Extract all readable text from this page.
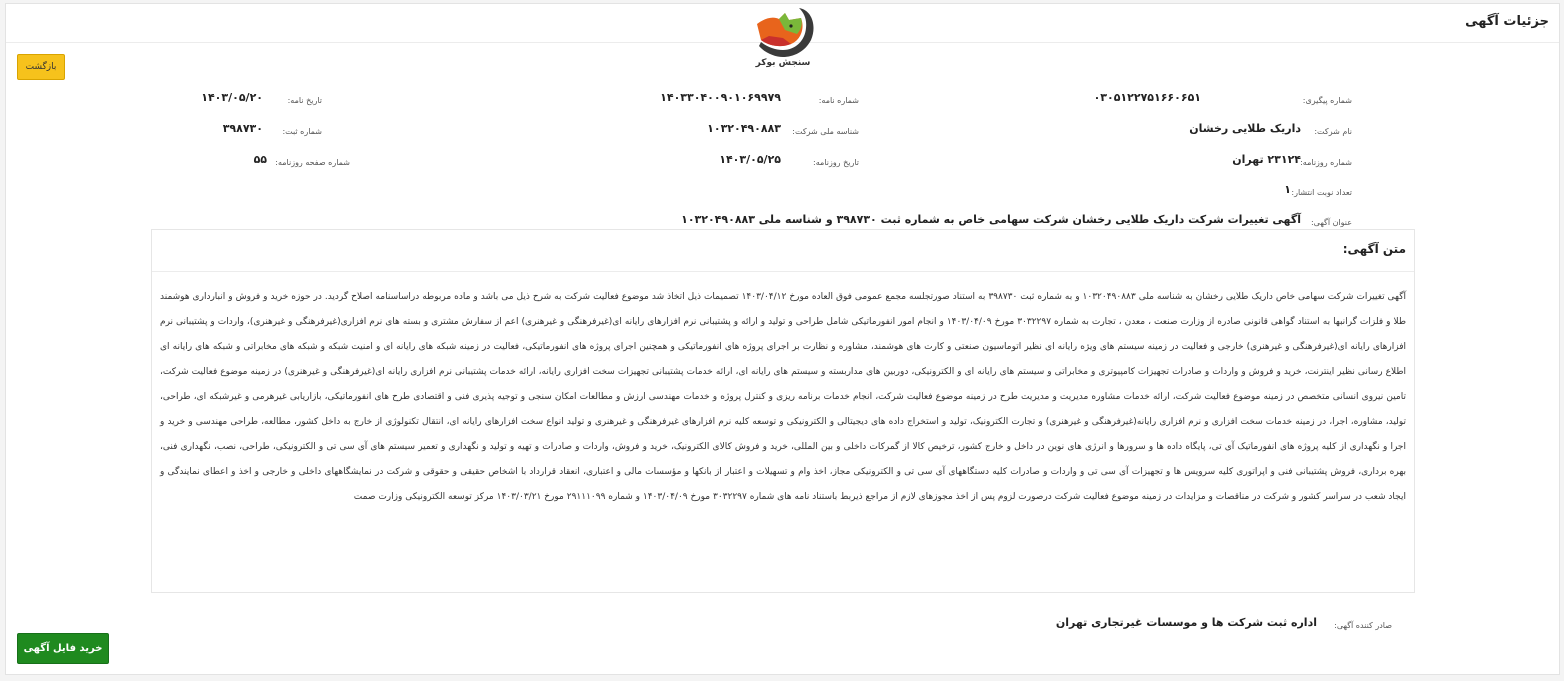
جزئیات آگهی
سنجش بوکر
بازگشت
شماره پیگیری:
۰۳۰۵۱۲۲۷۵۱۶۶۰۶۵۱
شماره نامه:
۱۴۰۳۳۰۴۰۰۹۰۱۰۶۹۹۷۹
تاریخ نامه:
۱۴۰۳/۰۵/۲۰
نام شرکت:
داریک طلایی رخشان
شناسه ملی شرکت:
۱۰۳۲۰۴۹۰۸۸۳
شماره ثبت:
۳۹۸۷۳۰
شماره روزنامه:
۲۳۱۲۴ تهران
تاریخ روزنامه:
۱۴۰۳/۰۵/۲۵
شماره صفحه روزنامه:
۵۵
تعداد نوبت انتشار:
۱
عنوان آگهی:
آگهی تغییرات شرکت داریک طلایی رخشان شرکت سهامی خاص به شماره ثبت ۳۹۸۷۳۰ و شناسه ملی ۱۰۳۲۰۴۹۰۸۸۳
متن آگهی:
آگهی تغییرات شرکت سهامی خاص داریک طلایی رخشان به شناسه ملی ۱۰۳۲۰۴۹۰۸۸۳ و به شماره ثبت ۳۹۸۷۳۰ به استناد صورتجلسه مجمع عمومی فوق العاده مورخ ۱۴۰۳/۰۴/۱۲ تصمیمات ذیل اتخاذ شد موضوع فعالیت شرکت به شرح ذیل می باشد و ماده مربوطه دراساسنامه اصلاح گردید. در حوزه خرید و فروش و انبارداری هوشمند طلا و فلزات گرانبها به استناد گواهی قانونی صادره از وزارت صنعت ، معدن ، تجارت به شماره ۳۰۳۲۲۹۷ مورخ ۱۴۰۳/۰۴/۰۹ و انجام امور انفورماتیکی شامل طراحی و تولید و ارائه و پشتیبانی نرم افزارهای رایانه ای(غیرفرهنگی و غیرهنری) اعم از سفارش مشتری و بسته های نرم افزاری(غیرفرهنگی و غیرهنری)، واردات و پشتیبانی نرم افزارهای رایانه ای(غیرفرهنگی و غیرهنری) خارجی و فعالیت در زمینه سیستم های ویژه رایانه ای نظیر اتوماسیون صنعتی و کارت های هوشمند، مشاوره و نظارت بر اجرای پروژه های انفورماتیکی و همچنین اجرای پروژه های انفورماتیکی، فعالیت در زمینه شبکه های رایانه ای و امنیت شبکه و شبکه های مخابراتی و شبکه های رایانه ای اطلاع رسانی نظیر اینترنت، خرید و فروش و واردات و صادرات تجهیزات کامپیوتری و مخابراتی و سیستم های رایانه ای و الکترونیکی، دوربین های مداربسته و سیستم های رایانه ای، ارائه خدمات پشتیبانی تجهیزات سخت افزاری رایانه، ارائه خدمات پشتیبانی نرم افزاری رایانه ای(غیرفرهنگی و غیرهنری) در زمینه موضوع فعالیت شرکت، تامین نیروی انسانی متخصص در زمینه موضوع فعالیت شرکت، ارائه خدمات مشاوره مدیریت و مدیریت طرح در زمینه موضوع فعالیت شرکت، انجام خدمات برنامه ریزی و کنترل پروژه و خدمات مهندسی ارزش و مطالعات امکان سنجی و توجیه پذیری فنی و اقتصادی طرح های انفورماتیکی، بازاریابی غیرهرمی و غیرشبکه ای، طراحی، تولید، مشاوره، اجرا، در زمینه خدمات سخت افزاری و نرم افزاری رایانه(غیرفرهنگی و غیرهنری) و تجارت الکترونیک، تولید و استخراج داده های دیجیتالی و الکترونیکی و توسعه کلیه نرم افزارهای غیرفرهنگی و غیرهنری و تولید انواع سخت افزارهای رایانه ای، انتقال تکنولوژی از خارج به داخل کشور، مطالعه، طراحی مهندسی و خرید و اجرا و نگهداری از کلیه پروژه های انفورماتیک آی تی، پایگاه داده ها و سرورها و انرژی های نوین در داخل و خارج کشور، ترخیص کالا از گمرکات داخلی و بین المللی، خرید و فروش کالای الکترونیک، خرید و فروش، واردات و صادرات و تهیه و تولید و نگهداری و تعمیر سیستم های آی سی تی و الکترونیکی، طراحی، نصب، نگهداری فنی، بهره برداری، فروش پشتیبانی فنی و اپراتوری کلیه سرویس ها و تجهیزات آی سی تی و واردات و صادرات کلیه دستگاههای آی سی تی و الکترونیکی مجاز، اخذ وام و تسهیلات و اعتبار از بانکها و مؤسسات مالی و اعتباری، انعقاد قرارداد با اشخاص حقیقی و حقوقی و شرکت در نمایشگاههای داخلی و خارجی و اخذ و اعطای نمایندگی و ایجاد شعب در سراسر کشور و شرکت در مناقصات و مزایدات در زمینه موضوع فعالیت شرکت درصورت لزوم پس از اخذ مجوزهای لازم از مراجع ذیربط باستناد نامه های شماره ۳۰۳۲۲۹۷ مورخ ۱۴۰۳/۰۴/۰۹ و شماره ۲۹۱۱۱۰۹۹ مورخ ۱۴۰۳/۰۳/۲۱ مرکز توسعه الکترونیکی وزارت صمت
صادر کننده آگهی:
اداره ثبت شرکت ها و موسسات غیرتجاری تهران
خرید فایل آگهی
